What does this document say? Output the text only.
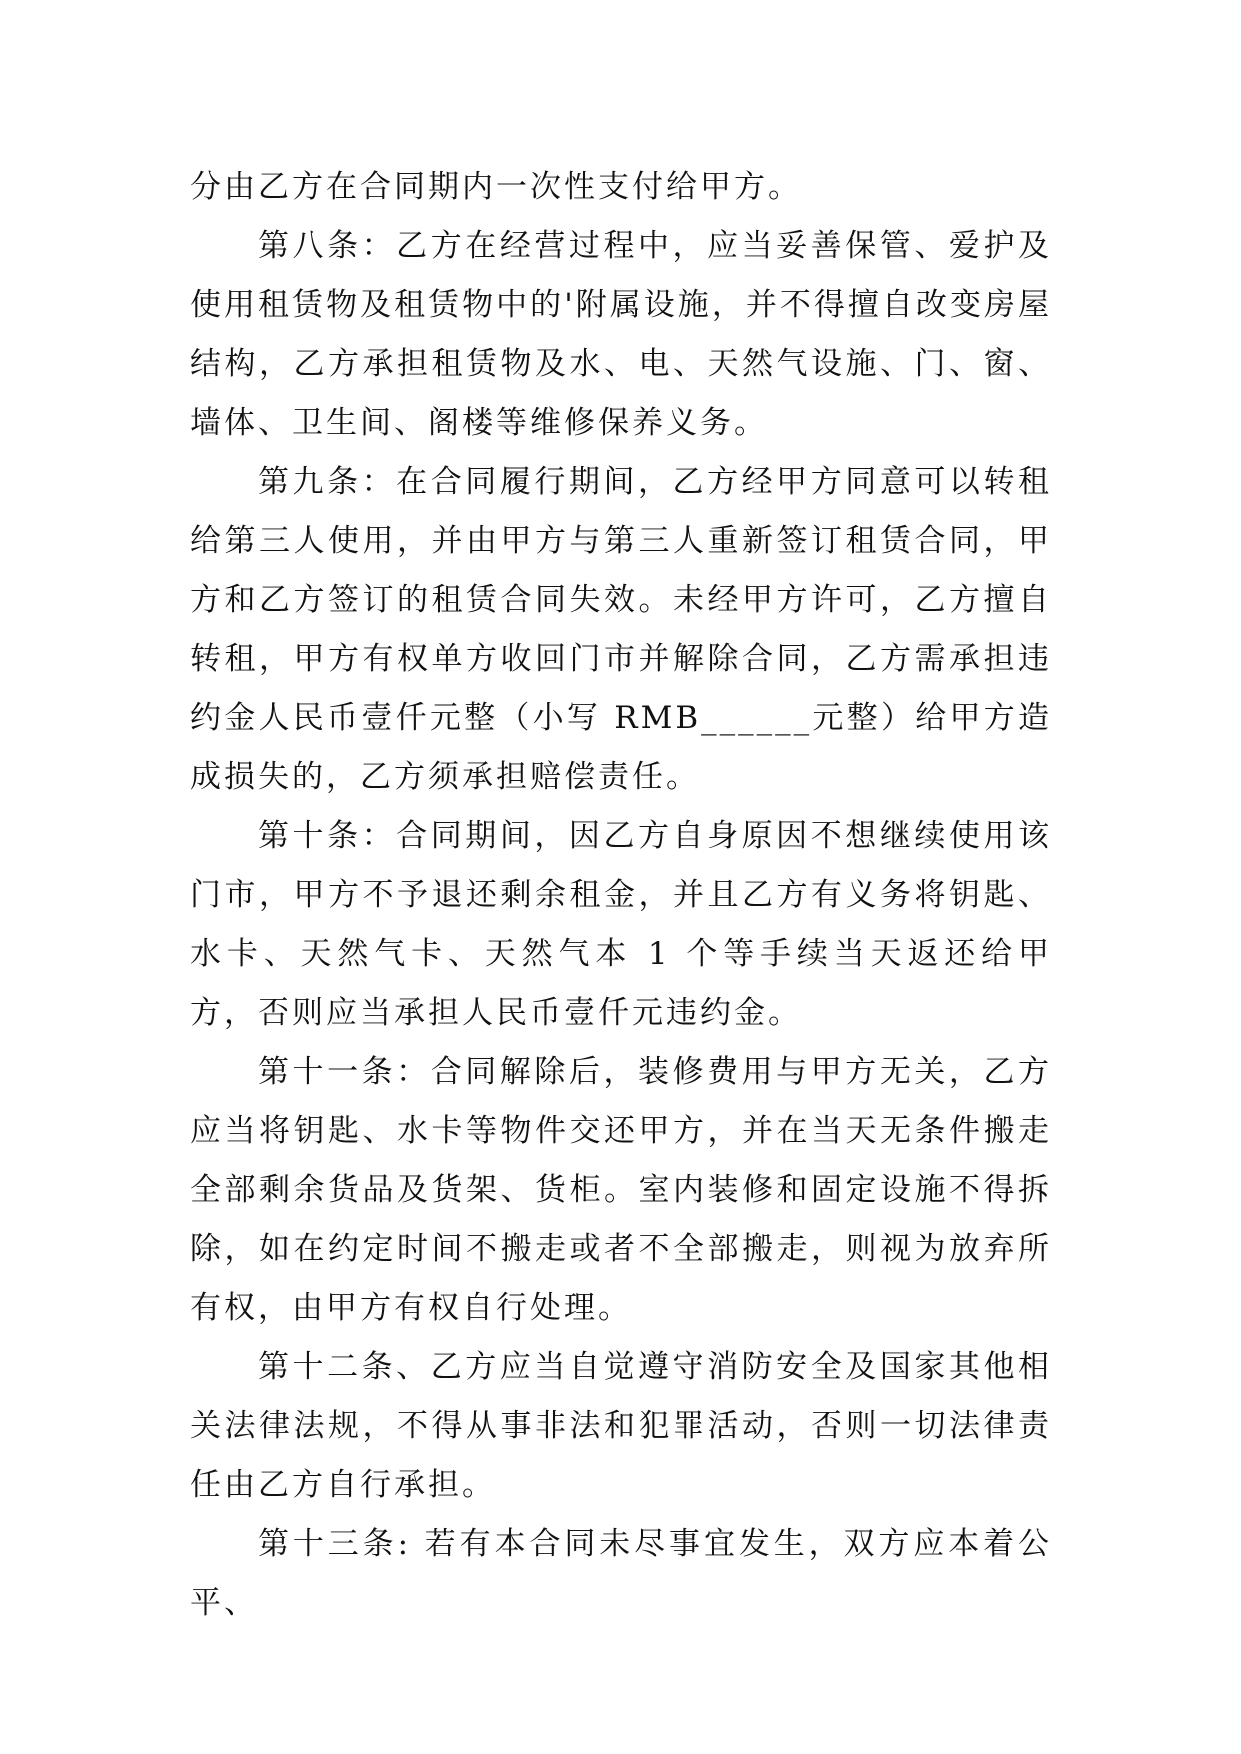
分由乙方在合同期内一次性支付给甲方。

第八条：乙方在经营过程中，应当妥善保管、爱护及使用租赁物及租赁物中的'附属设施，并不得擅自改变房屋结构，乙方承担租赁物及水、电、天然气设施、门、窗、墙体、卫生间、阁楼等维修保养义务。

第九条：在合同履行期间，乙方经甲方同意可以转租给第三人使用，并由甲方与第三人重新签订租赁合同，甲方和乙方签订的租赁合同失效。未经甲方许可，乙方擅自转租，甲方有权单方收回门市并解除合同，乙方需承担违约金人民币壹仟元整（小写 RMB______元整）给甲方造成损失的，乙方须承担赔偿责任。

第十条：合同期间，因乙方自身原因不想继续使用该门市，甲方不予退还剩余租金，并且乙方有义务将钥匙、水卡、天然气卡、天然气本 1 个等手续当天返还给甲方，否则应当承担人民币壹仟元违约金。

第十一条：合同解除后，装修费用与甲方无关，乙方应当将钥匙、水卡等物件交还甲方，并在当天无条件搬走全部剩余货品及货架、货柜。室内装修和固定设施不得拆除，如在约定时间不搬走或者不全部搬走，则视为放弃所有权，由甲方有权自行处理。

第十二条、乙方应当自觉遵守消防安全及国家其他相关法律法规，不得从事非法和犯罪活动，否则一切法律责任由乙方自行承担。

第十三条: 若有本合同未尽事宜发生，双方应本着公平、
